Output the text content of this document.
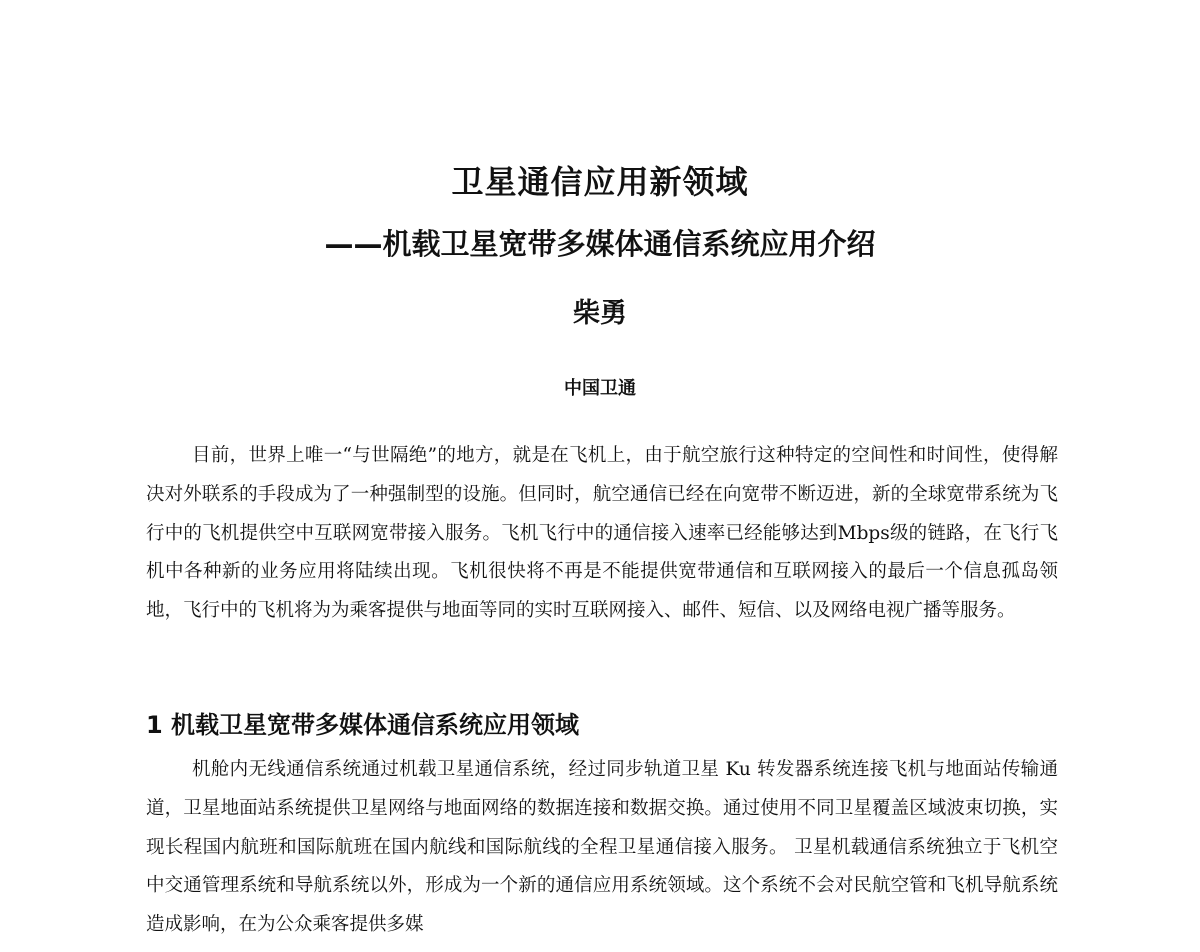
卫星通信应用新领域
——机载卫星宽带多媒体通信系统应用介绍
柴勇
中国卫通

目前，世界上唯一“与世隔绝”的地方，就是在飞机上，由于航空旅行这种特定的空间性和时间性，使得解决对外联系的手段成为了一种强制型的设施。但同时，航空通信已经在向宽带不断迈进，新的全球宽带系统为飞行中的飞机提供空中互联网宽带接入服务。飞机飞行中的通信接入速率已经能够达到Mbps级的链路，在飞行飞机中各种新的业务应用将陆续出现。飞机很快将不再是不能提供宽带通信和互联网接入的最后一个信息孤岛领地，飞行中的飞机将为为乘客提供与地面等同的实时互联网接入、邮件、短信、以及网络电视广播等服务。

1 机载卫星宽带多媒体通信系统应用领域

机舱内无线通信系统通过机载卫星通信系统，经过同步轨道卫星 Ku 转发器系统连接飞机与地面站传输通道，卫星地面站系统提供卫星网络与地面网络的数据连接和数据交换。通过使用不同卫星覆盖区域波束切换，实现长程国内航班和国际航班在国内航线和国际航线的全程卫星通信接入服务。 卫星机载通信系统独立于飞机空中交通管理系统和导航系统以外，形成为一个新的通信应用系统领域。这个系统不会对民航空管和飞机导航系统造成影响，在为公众乘客提供多媒
